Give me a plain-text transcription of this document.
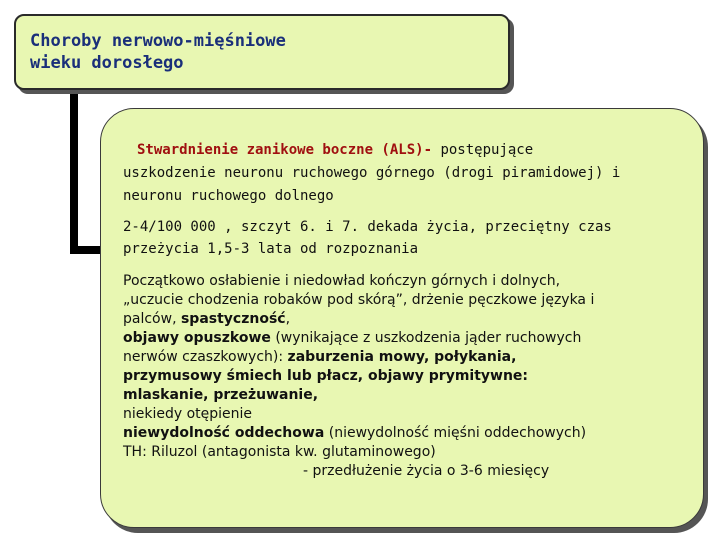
Choroby nerwowo-mięśniowe
wieku dorosłego

Stwardnienie zanikowe boczne (ALS)- postępujące
uszkodzenie neuronu ruchowego górnego (drogi piramidowej) i
neuronu ruchowego dolnego

2-4/100 000 , szczyt 6. i 7. dekada życia, przeciętny czas
przeżycia 1,5-3 lata od rozpoznania

Początkowo osłabienie i niedowład kończyn górnych i dolnych,
„uczucie chodzenia robaków pod skórą”, drżenie pęczkowe języka i
palców, spastyczność,
objawy opuszkowe (wynikające z uszkodzenia jąder ruchowych
nerwów czaszkowych): zaburzenia mowy, połykania,
przymusowy śmiech lub płacz, objawy prymitywne:
mlaskanie, przeżuwanie,
niekiedy otępienie
niewydolność oddechowa (niewydolność mięśni oddechowych)
TH: Riluzol (antagonista kw. glutaminowego)
- przedłużenie życia o 3-6 miesięcy
